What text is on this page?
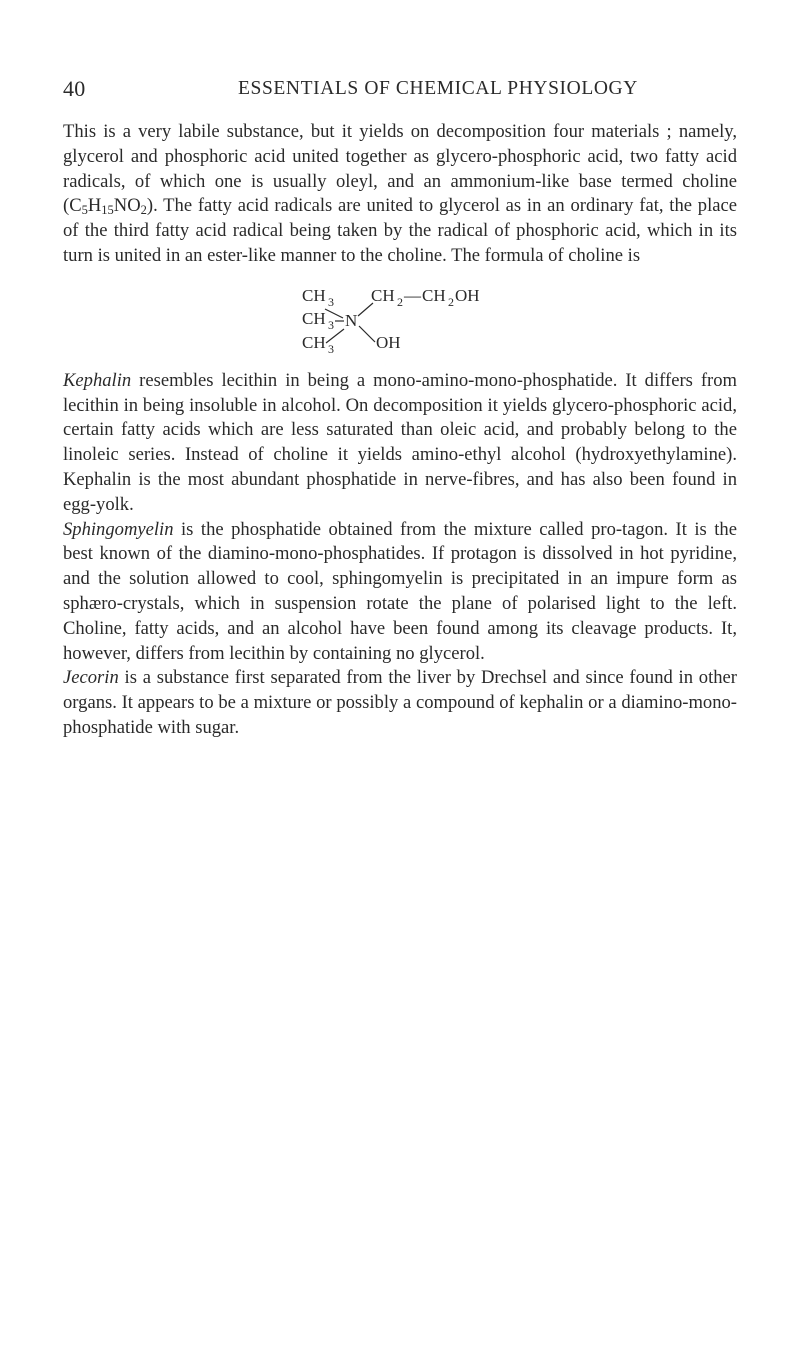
40	ESSENTIALS OF CHEMICAL PHYSIOLOGY

This is a very labile substance, but it yields on decomposition four materials ; namely, glycerol and phosphoric acid united together as glycero-phosphoric acid, two fatty acid radicals, of which one is usually oleyl, and an ammonium-like base termed choline $(C_5H_{15}NO_2)$. The fatty acid radicals are united to glycerol as in an ordinary fat, the place of the third fatty acid radical being taken by the radical of phosphoric acid, which in its turn is united in an ester-like manner to the choline. The formula of choline is

CH 3
CH 3
CH 3
N
CH 2 — CH 2 OH
OH

Kephalin resembles lecithin in being a mono-amino-mono-phosphatide. It differs from lecithin in being insoluble in alcohol. On decomposition it yields glycero-phosphoric acid, certain fatty acids which are less saturated than oleic acid, and probably belong to the linoleic series. Instead of choline it yields amino-ethyl alcohol (hydroxyethylamine). Kephalin is the most abundant phosphatide in nerve-fibres, and has also been found in egg-yolk.

Sphingomyelin is the phosphatide obtained from the mixture called pro-tagon. It is the best known of the diamino-mono-phosphatides. If protagon is dissolved in hot pyridine, and the solution allowed to cool, sphingomyelin is precipitated in an impure form as sphæro-crystals, which in suspension rotate the plane of polarised light to the left. Choline, fatty acids, and an alcohol have been found among its cleavage products. It, however, differs from lecithin by containing no glycerol.

Jecorin is a substance first separated from the liver by Drechsel and since found in other organs. It appears to be a mixture or possibly a compound of kephalin or a diamino-mono-phosphatide with sugar.
